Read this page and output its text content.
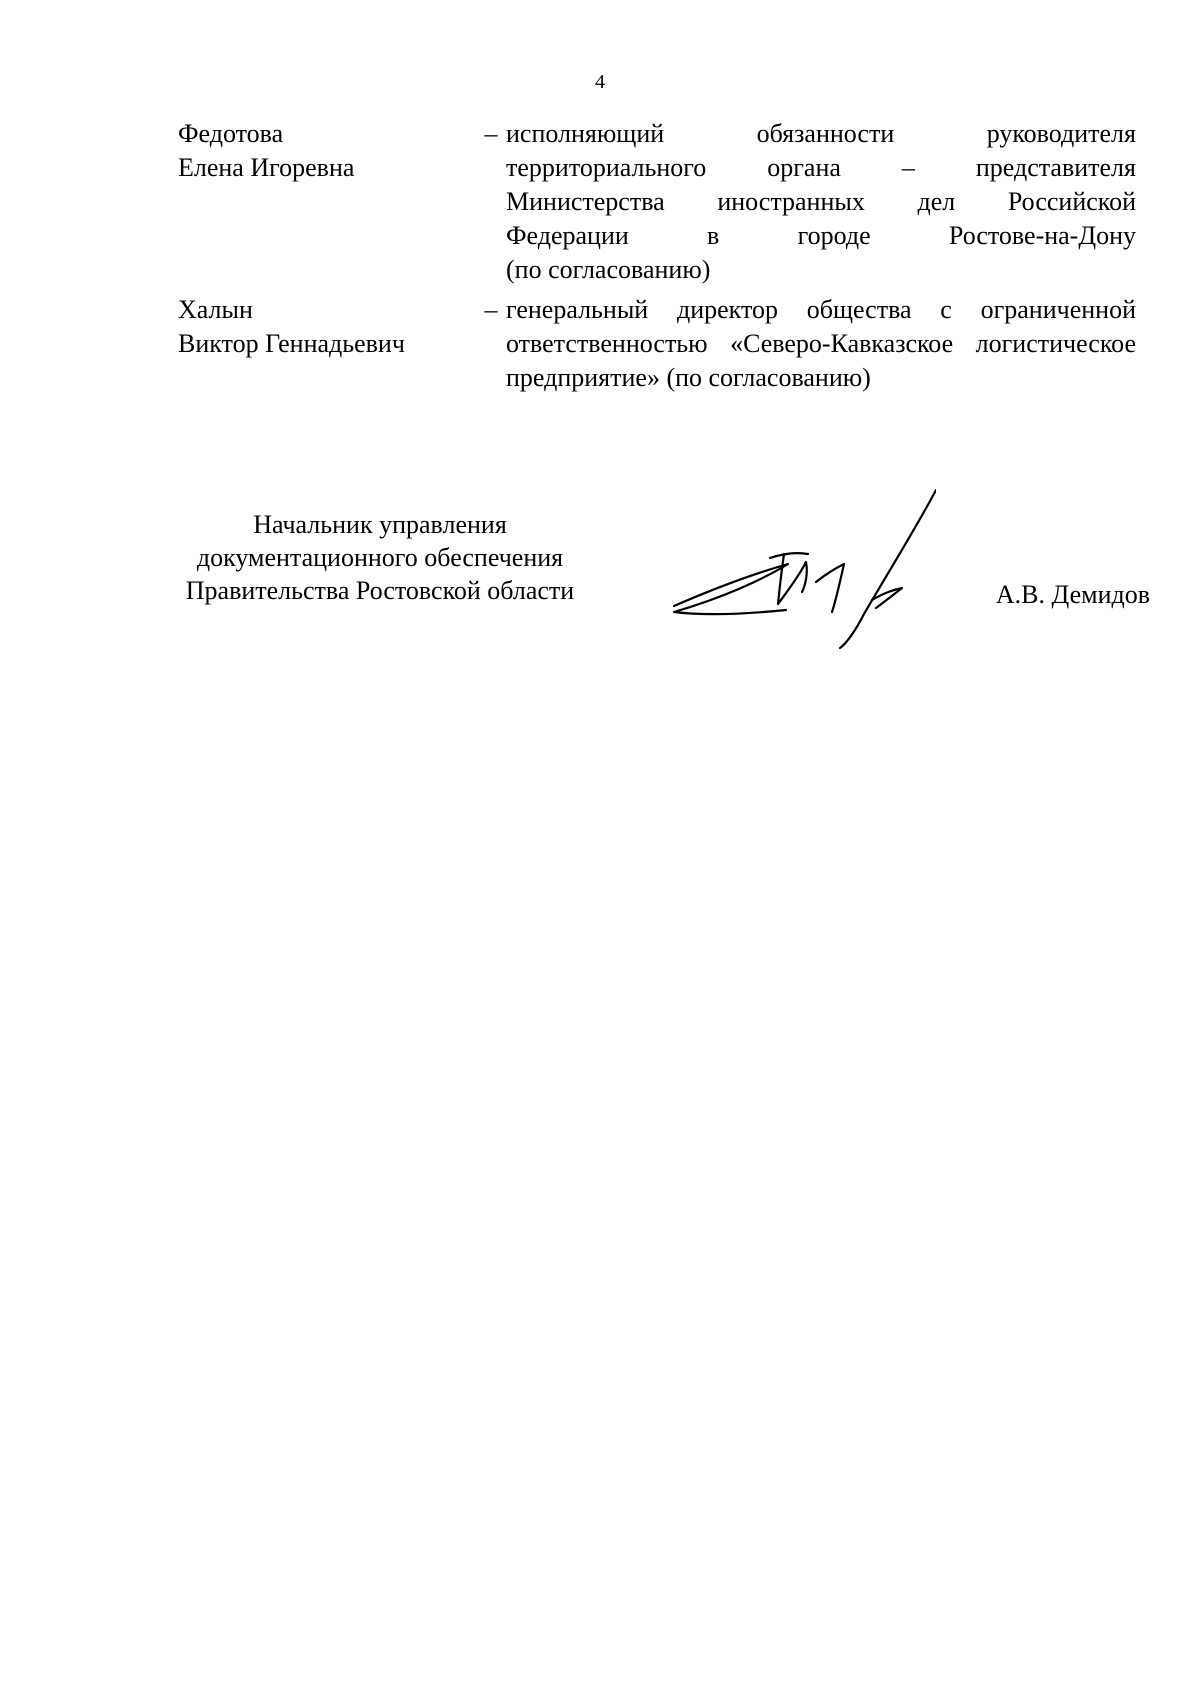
4
Федотова
Елена Игоревна
– исполняющий обязанности руководителя
территориального органа – представителя
Министерства иностранных дел Российской
Федерации в городе Ростове-на-Дону
(по согласованию)
Халын
Виктор Геннадьевич
– генеральный директор общества с ограниченной
ответственностью «Северо-Кавказское логистическое
предприятие» (по согласованию)
Начальник управления
документационного обеспечения
Правительства Ростовской области	А.В. Демидов
